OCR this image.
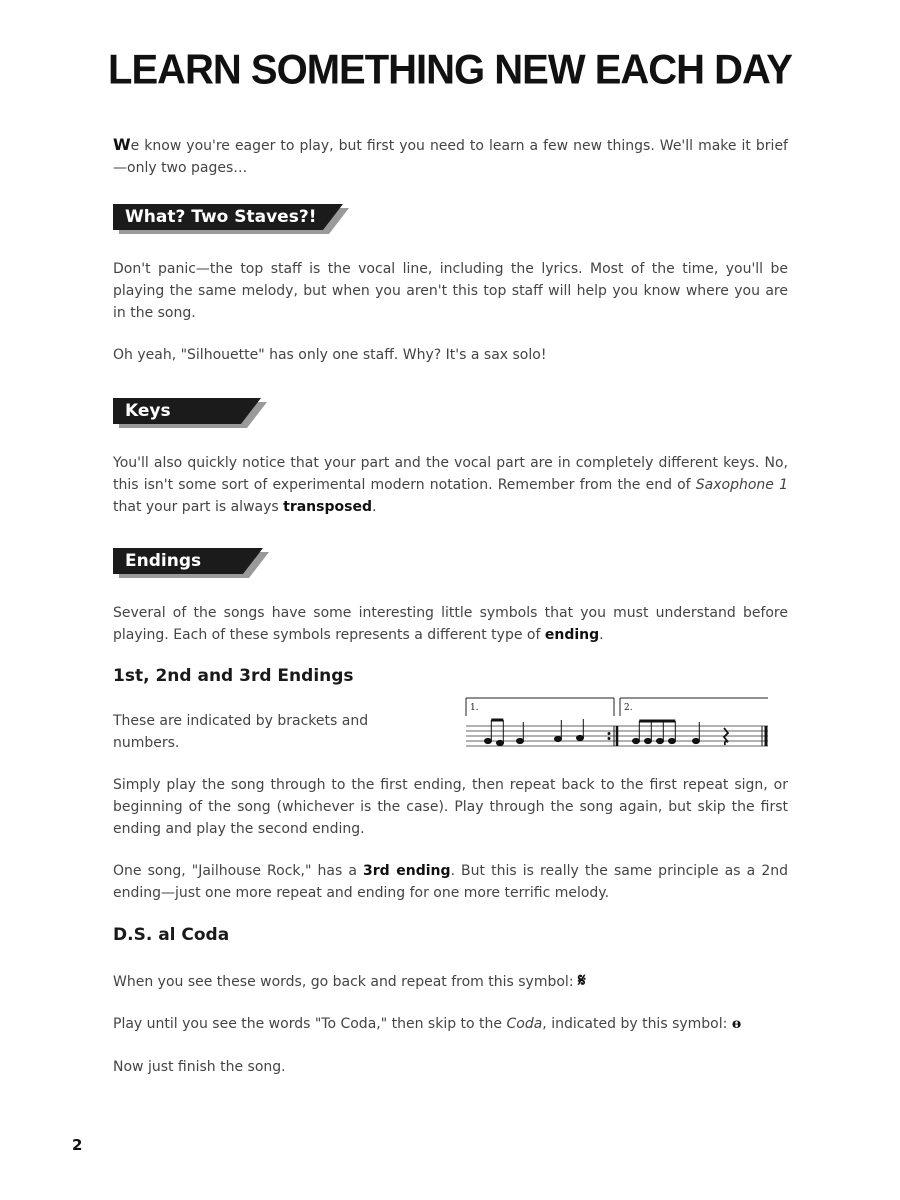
LEARN SOMETHING NEW EACH DAY
We know you're eager to play, but first you need to learn a few new things. We'll make it brief—only two pages…
What? Two Staves?!
Don't panic—the top staff is the vocal line, including the lyrics. Most of the time, you'll be playing the same melody, but when you aren't this top staff will help you know where you are in the song.
Oh yeah, "Silhouette" has only one staff. Why? It's a sax solo!
Keys
You'll also quickly notice that your part and the vocal part are in completely different keys. No, this isn't some sort of experimental modern notation. Remember from the end of Saxophone 1 that your part is always transposed.
Endings
Several of the songs have some interesting little symbols that you must understand before playing. Each of these symbols represents a different type of ending.
1st, 2nd and 3rd Endings
These are indicated by brackets and numbers.
1.	2.
Simply play the song through to the first ending, then repeat back to the first repeat sign, or beginning of the song (whichever is the case). Play through the song again, but skip the first ending and play the second ending.
One song, "Jailhouse Rock," has a 3rd ending. But this is really the same principle as a 2nd ending—just one more repeat and ending for one more terrific melody.
D.S. al Coda
When you see these words, go back and repeat from this symbol: 𝄋
Play until you see the words "To Coda," then skip to the Coda, indicated by this symbol: ɵ
Now just finish the song.
2
